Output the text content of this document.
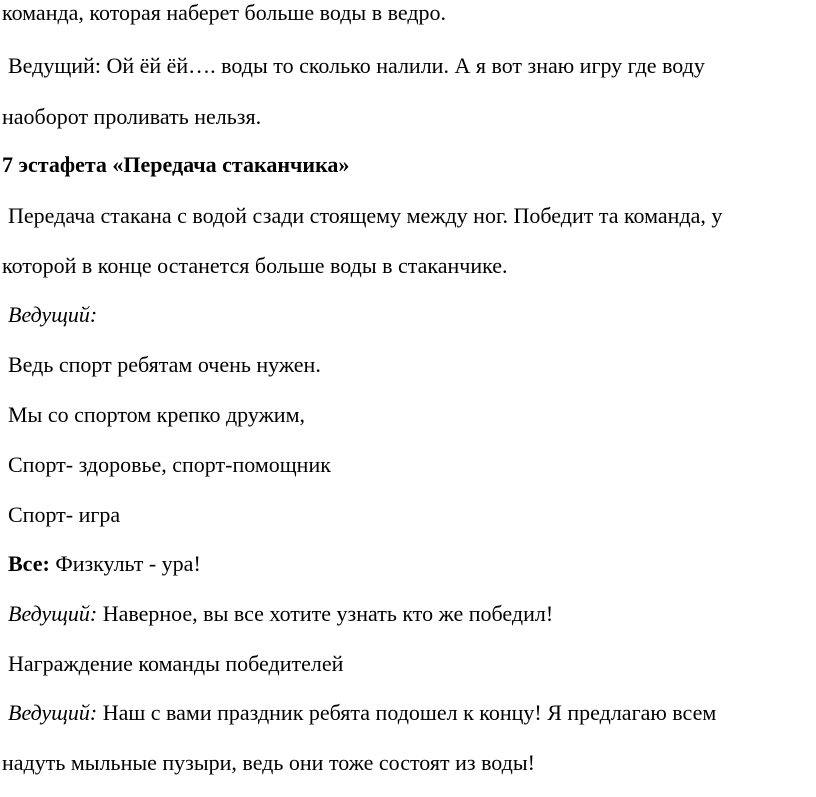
команда, которая наберет больше воды в ведро.

Ведущий: Ой ёй ёй…. воды то сколько налили. А я вот знаю игру где воду

наоборот проливать нельзя.

7 эстафета «Передача стаканчика»

Передача стакана с водой сзади стоящему между ног. Победит та команда, у

которой в конце останется больше воды в стаканчике.

Ведущий:

Ведь спорт ребятам очень нужен.

Мы со спортом крепко дружим,

Спорт- здоровье, спорт-помощник

Спорт- игра

Все: Физкульт - ура!

Ведущий: Наверное, вы все хотите узнать кто же победил!

Награждение команды победителей

Ведущий: Наш с вами праздник ребята подошел к концу! Я предлагаю всем

надуть мыльные пузыри, ведь они тоже состоят из воды!
